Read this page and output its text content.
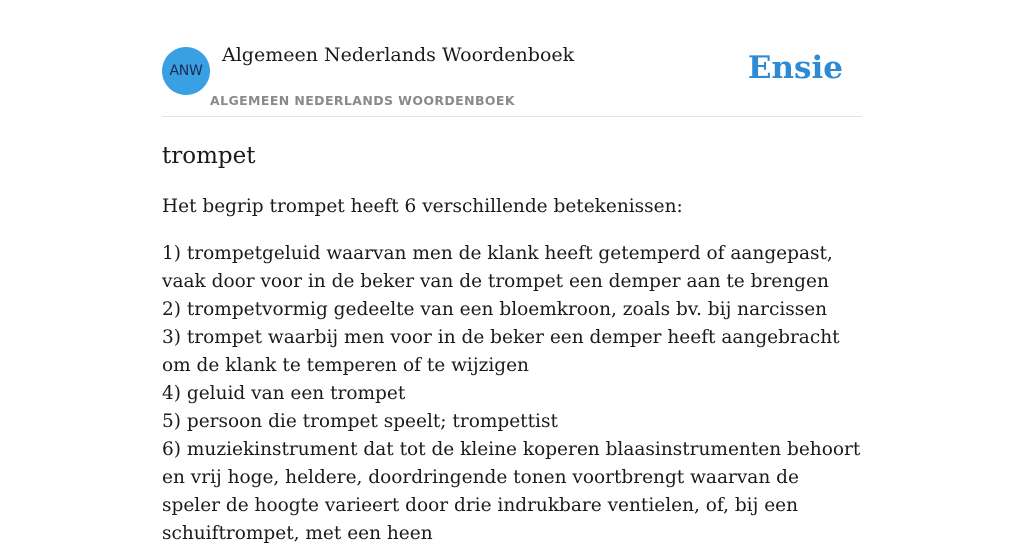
ANW
Algemeen Nederlands Woordenboek
ALGEMEEN NEDERLANDS WOORDENBOEK
Ensie
trompet

Het begrip trompet heeft 6 verschillende betekenissen:

1) trompetgeluid waarvan men de klank heeft getemperd of aangepast, vaak door voor in de beker van de trompet een demper aan te brengen
2) trompetvormig gedeelte van een bloemkroon, zoals bv. bij narcissen
3) trompet waarbij men voor in de beker een demper heeft aangebracht om de klank te temperen of te wijzigen
4) geluid van een trompet
5) persoon die trompet speelt; trompettist
6) muziekinstrument dat tot de kleine koperen blaasinstrumenten behoort en vrij hoge, heldere, doordringende tonen voortbrengt waarvan de speler de hoogte varieert door drie indrukbare ventielen, of, bij een schuiftrompet, met een heen
